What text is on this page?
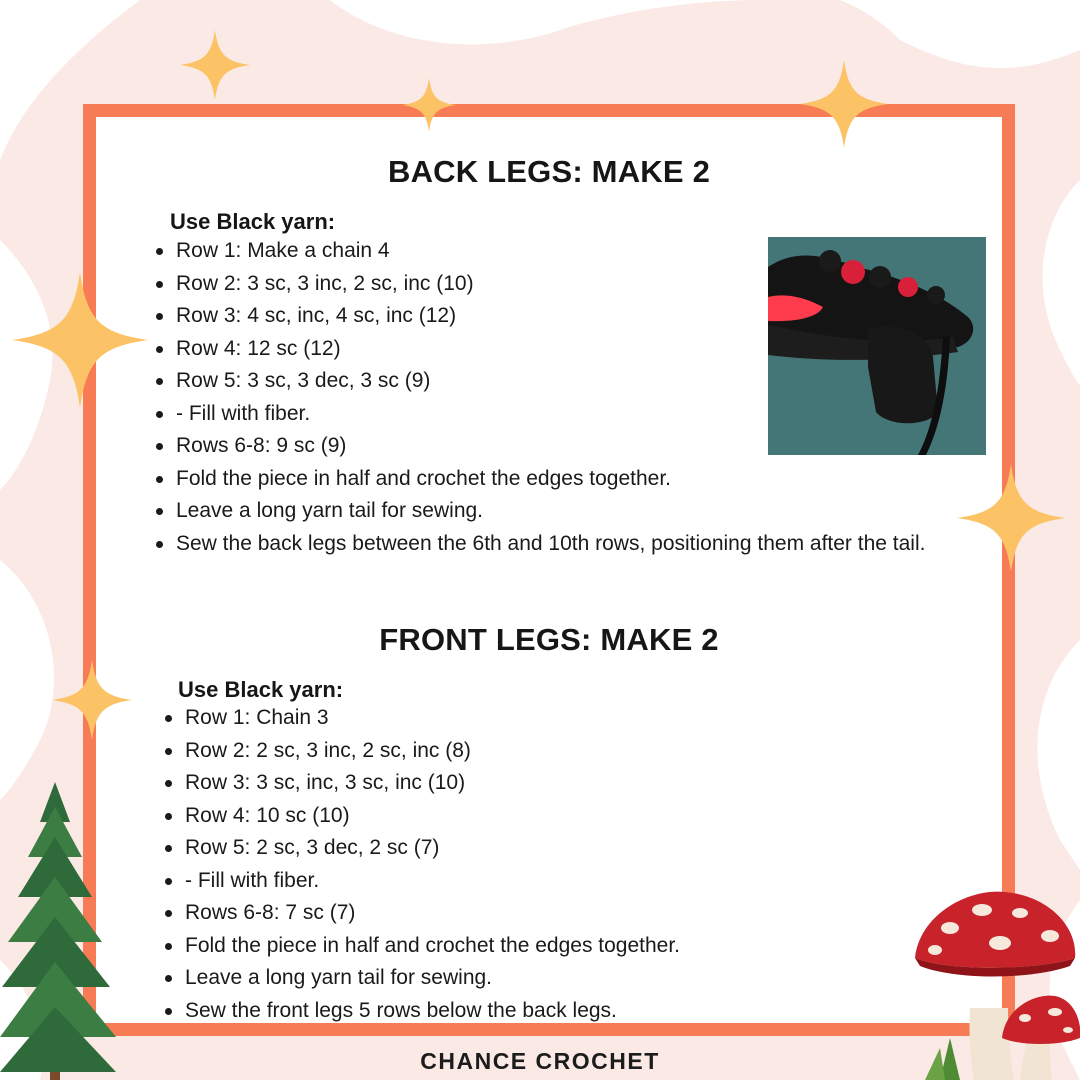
BACK LEGS: MAKE 2
Use Black yarn:
Row 1: Make a chain 4
Row 2: 3 sc, 3 inc, 2 sc, inc (10)
Row 3: 4 sc, inc, 4 sc, inc (12)
Row 4: 12 sc (12)
Row 5: 3 sc, 3 dec, 3 sc (9)
- Fill with fiber.
Rows 6-8: 9 sc (9)
Fold the piece in half and crochet the edges together.
Leave a long yarn tail for sewing.
Sew the back legs between the 6th and 10th rows, positioning them after the tail.
FRONT LEGS: MAKE 2
Use Black yarn:
Row 1: Chain 3
Row 2: 2 sc, 3 inc, 2 sc, inc (8)
Row 3: 3 sc, inc, 3 sc, inc (10)
Row 4: 10 sc (10)
Row 5: 2 sc, 3 dec, 2 sc (7)
- Fill with fiber.
Rows 6-8: 7 sc (7)
Fold the piece in half and crochet the edges together.
Leave a long yarn tail for sewing.
Sew the front legs 5 rows below the back legs.
CHANCE CROCHET
